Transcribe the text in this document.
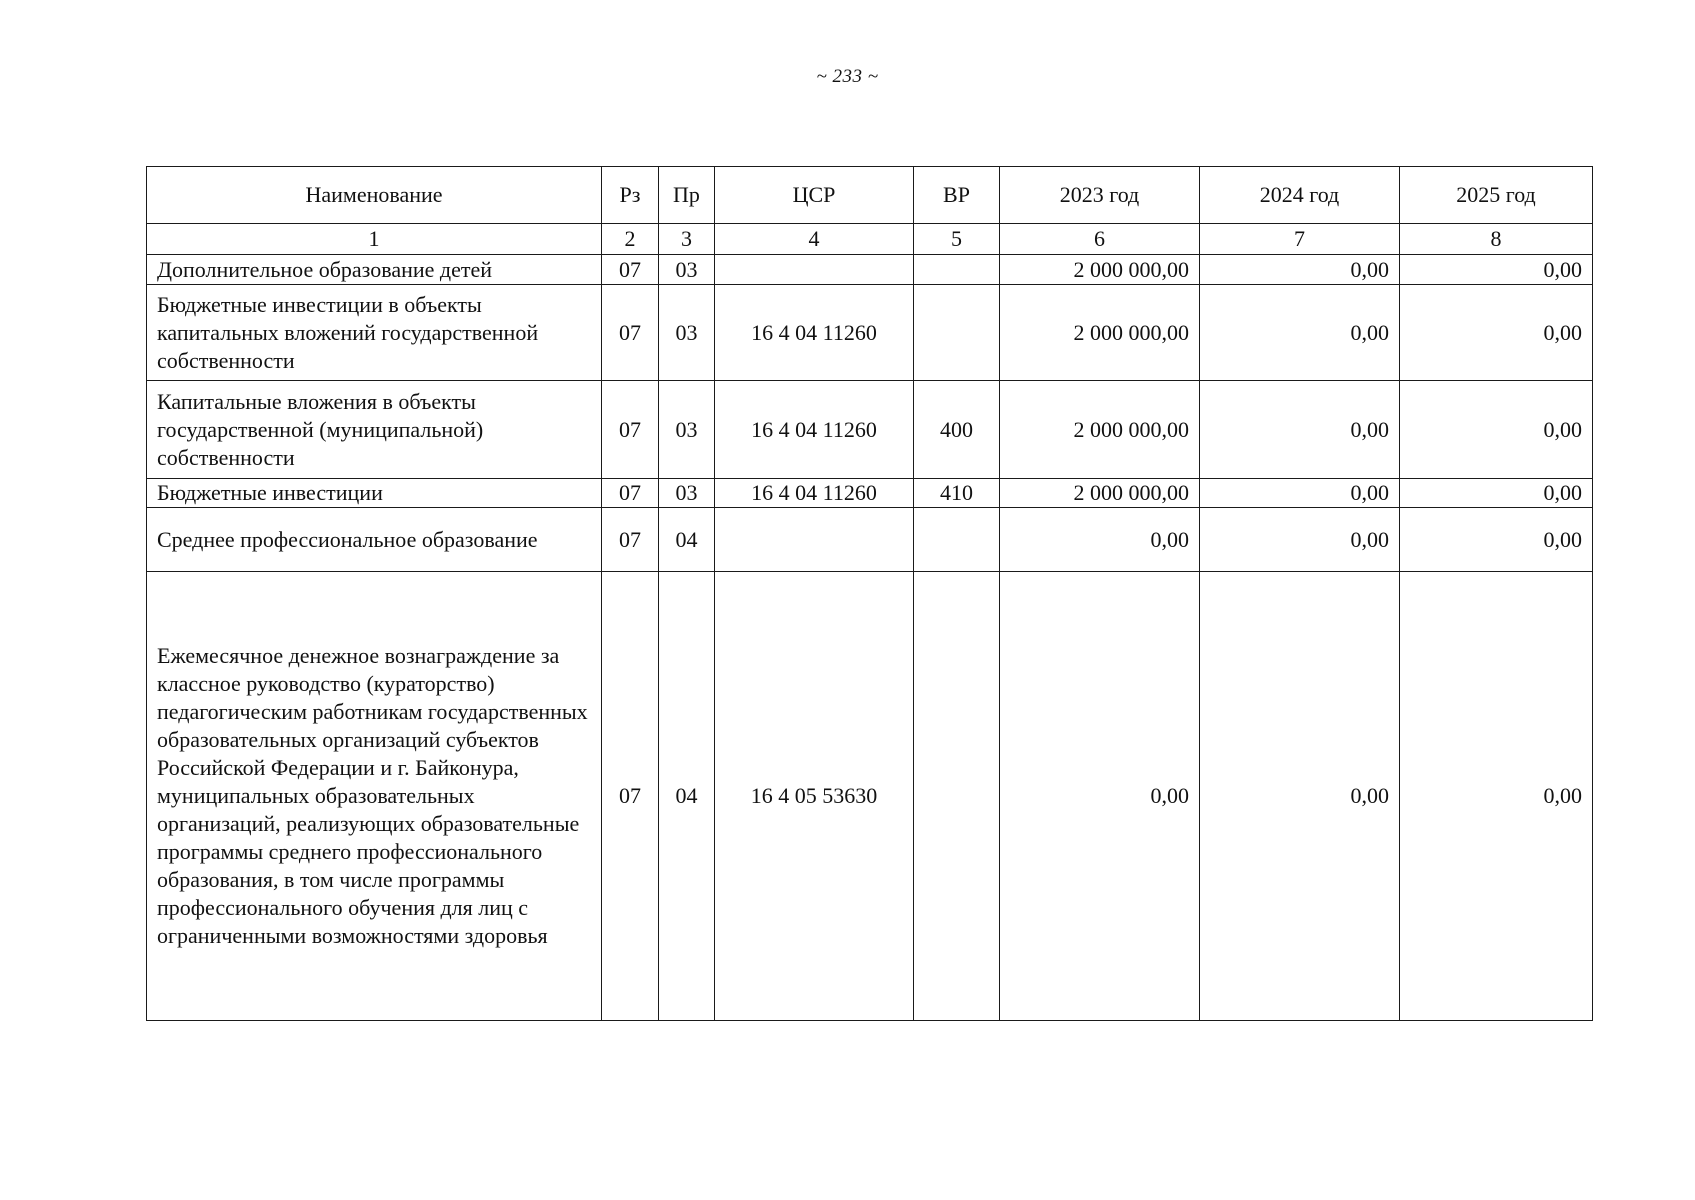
~ 233 ~
Наименование	Рз	Пр	ЦСР	ВР	2023 год	2024 год	2025 год
1	2	3	4	5	6	7	8
Дополнительное образование детей	07	03			2 000 000,00	0,00	0,00
Бюджетные инвестиции в объекты капитальных вложений государственной собственности	07	03	16 4 04 11260		2 000 000,00	0,00	0,00
Капитальные вложения в объекты государственной (муниципальной) собственности	07	03	16 4 04 11260	400	2 000 000,00	0,00	0,00
Бюджетные инвестиции	07	03	16 4 04 11260	410	2 000 000,00	0,00	0,00
Среднее профессиональное образование	07	04			0,00	0,00	0,00
Ежемесячное денежное вознаграждение за классное руководство (кураторство) педагогическим работникам государственных образовательных организаций субъектов Российской Федерации и г. Байконура, муниципальных образовательных организаций, реализующих образовательные программы среднего профессионального образования, в том числе программы профессионального обучения для лиц с ограниченными возможностями здоровья	07	04	16 4 05 53630		0,00	0,00	0,00
